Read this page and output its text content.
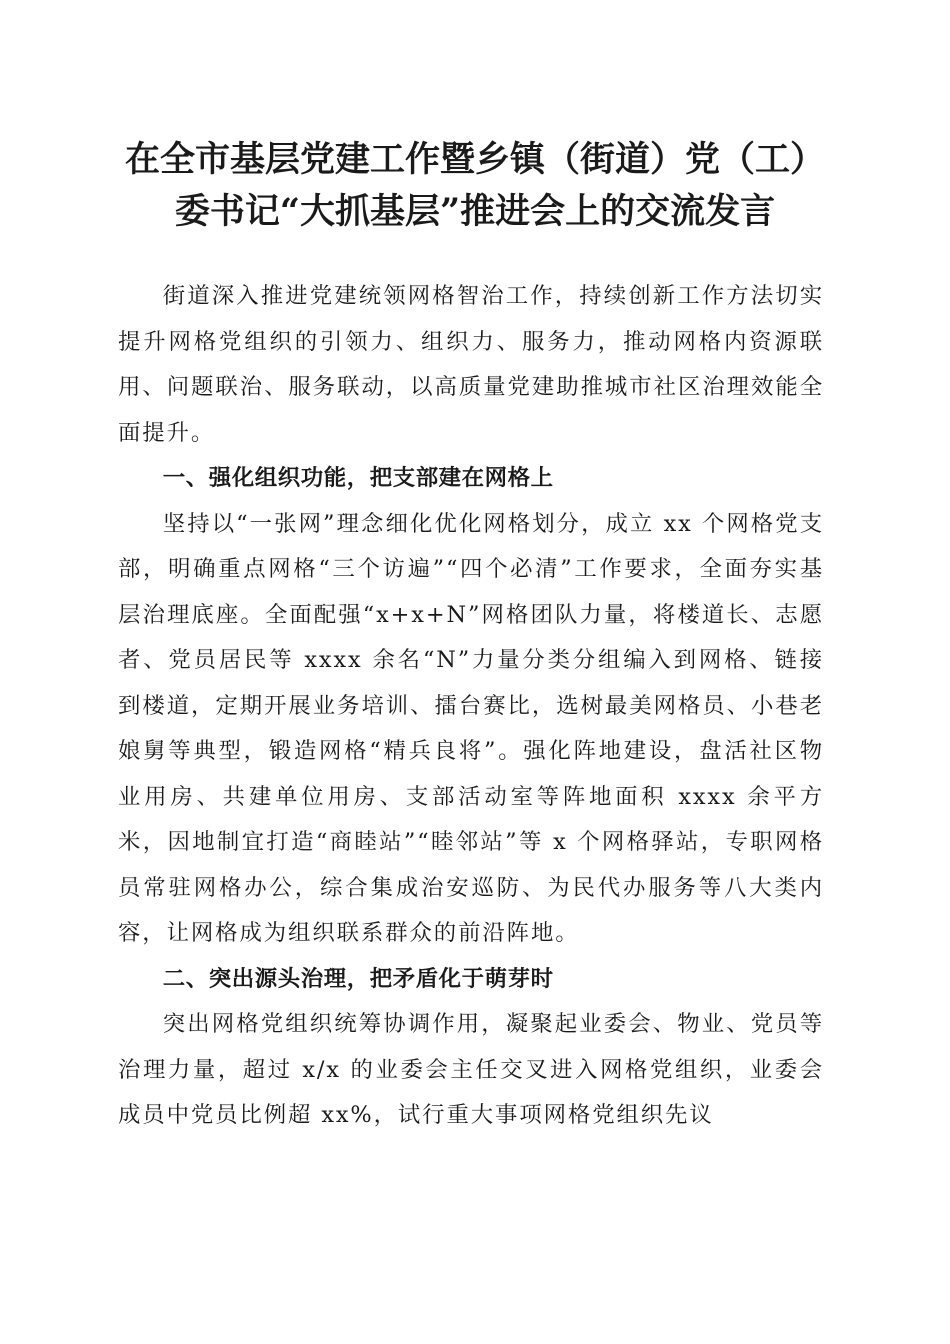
在全市基层党建工作暨乡镇（街道）党（工）
委书记“大抓基层”推进会上的交流发言

街道深入推进党建统领网格智治工作，持续创新工作方法切实提升网格党组织的引领力、组织力、服务力，推动网格内资源联用、问题联治、服务联动，以高质量党建助推城市社区治理效能全面提升。

一、强化组织功能，把支部建在网格上

坚持以“一张网”理念细化优化网格划分，成立 xx 个网格党支部，明确重点网格“三个访遍”“四个必清”工作要求，全面夯实基层治理底座。全面配强“x+x+N”网格团队力量，将楼道长、志愿者、党员居民等 xxxx 余名“N”力量分类分组编入到网格、链接到楼道，定期开展业务培训、擂台赛比，选树最美网格员、小巷老娘舅等典型，锻造网格“精兵良将”。强化阵地建设，盘活社区物业用房、共建单位用房、支部活动室等阵地面积 xxxx 余平方米，因地制宜打造“商睦站”“睦邻站”等 x 个网格驿站，专职网格员常驻网格办公，综合集成治安巡防、为民代办服务等八大类内容，让网格成为组织联系群众的前沿阵地。

二、突出源头治理，把矛盾化于萌芽时

突出网格党组织统筹协调作用，凝聚起业委会、物业、党员等治理力量，超过 x/x 的业委会主任交叉进入网格党组织，业委会成员中党员比例超 xx%，试行重大事项网格党组织先议
